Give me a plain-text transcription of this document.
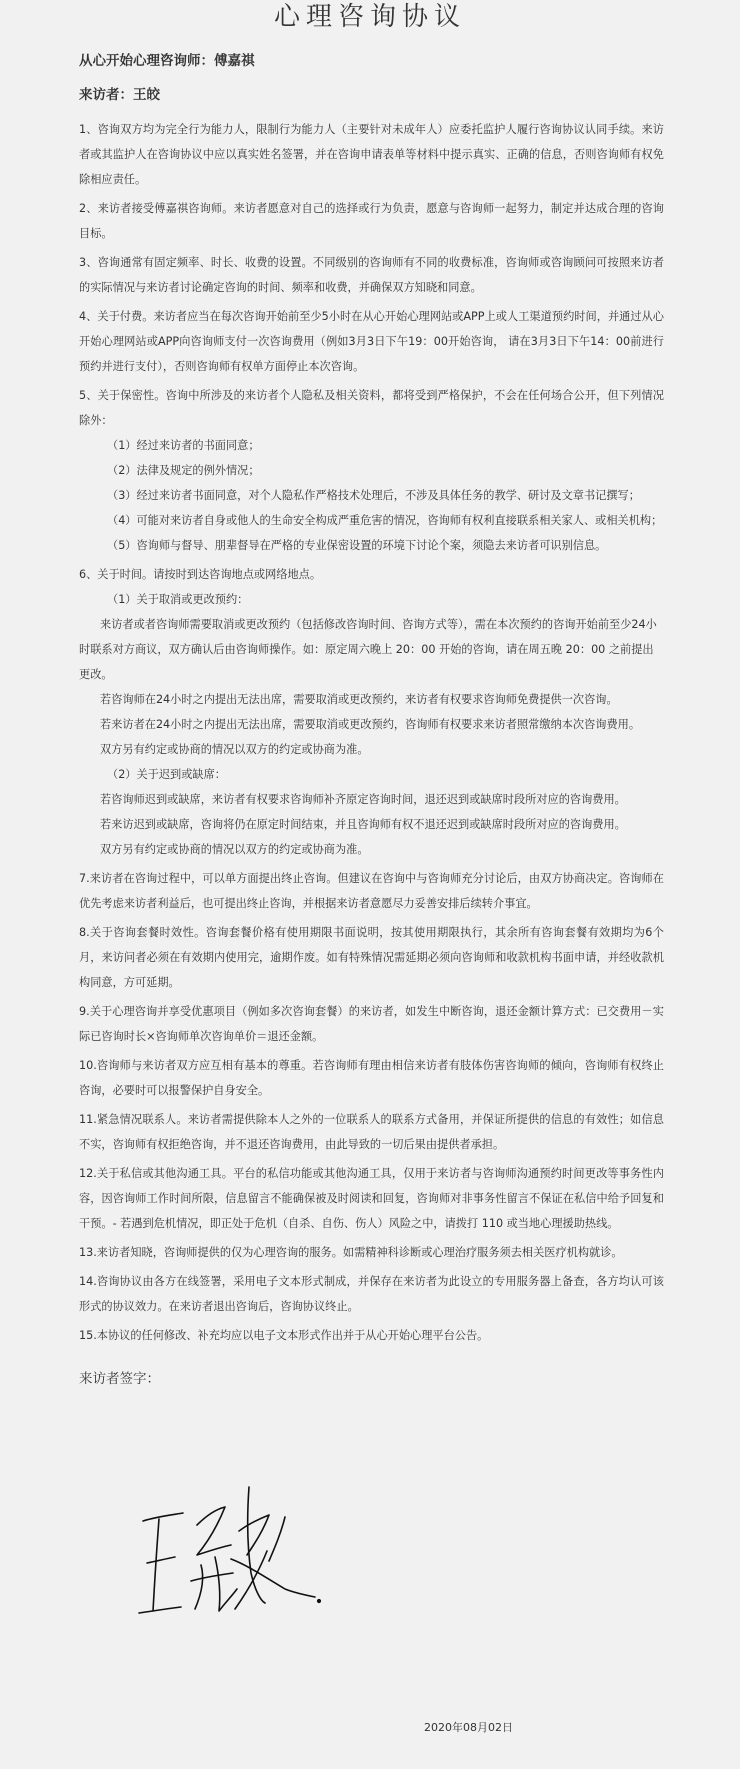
心理咨询协议
从心开始心理咨询师：傅嘉祺
来访者：王皎
1、咨询双方均为完全行为能力人，限制行为能力人（主要针对未成年人）应委托监护人履行咨询协议认同手续。来访者或其监护人在咨询协议中应以真实姓名签署，并在咨询申请表单等材料中提示真实、正确的信息，否则咨询师有权免除相应责任。
2、来访者接受傅嘉祺咨询师。来访者愿意对自己的选择或行为负责，愿意与咨询师一起努力，制定并达成合理的咨询目标。
3、咨询通常有固定频率、时长、收费的设置。不同级别的咨询师有不同的收费标准，咨询师或咨询顾问可按照来访者的实际情况与来访者讨论确定咨询的时间、频率和收费，并确保双方知晓和同意。
4、关于付费。来访者应当在每次咨询开始前至少5小时在从心开始心理网站或APP上或人工渠道预约时间，并通过从心开始心理网站或APP向咨询师支付一次咨询费用（例如3月3日下午19：00开始咨询， 请在3月3日下午14：00前进行预约并进行支付），否则咨询师有权单方面停止本次咨询。
5、关于保密性。咨询中所涉及的来访者个人隐私及相关资料，都将受到严格保护，不会在任何场合公开，但下列情况除外：
（1）经过来访者的书面同意；
（2）法律及规定的例外情况；
（3）经过来访者书面同意，对个人隐私作严格技术处理后，不涉及具体任务的教学、研讨及文章书记撰写；
（4）可能对来访者自身或他人的生命安全构成严重危害的情况，咨询师有权利直接联系相关家人、或相关机构；
（5）咨询师与督导、朋辈督导在严格的专业保密设置的环境下讨论个案，须隐去来访者可识别信息。
6、关于时间。请按时到达咨询地点或网络地点。
（1）关于取消或更改预约：
来访者或者咨询师需要取消或更改预约（包括修改咨询时间、咨询方式等），需在本次预约的咨询开始前至少24小时联系对方商议，双方确认后由咨询师操作。如：原定周六晚上 20：00 开始的咨询，请在周五晚 20：00 之前提出更改。
若咨询师在24小时之内提出无法出席，需要取消或更改预约，来访者有权要求咨询师免费提供一次咨询。
若来访者在24小时之内提出无法出席，需要取消或更改预约，咨询师有权要求来访者照常缴纳本次咨询费用。
双方另有约定或协商的情况以双方的约定或协商为准。
（2）关于迟到或缺席：
若咨询师迟到或缺席，来访者有权要求咨询师补齐原定咨询时间，退还迟到或缺席时段所对应的咨询费用。
若来访迟到或缺席，咨询将仍在原定时间结束，并且咨询师有权不退还迟到或缺席时段所对应的咨询费用。
双方另有约定或协商的情况以双方的约定或协商为准。
7.来访者在咨询过程中，可以单方面提出终止咨询。但建议在咨询中与咨询师充分讨论后，由双方协商决定。咨询师在优先考虑来访者利益后，也可提出终止咨询，并根据来访者意愿尽力妥善安排后续转介事宜。
8.关于咨询套餐时效性。咨询套餐价格有使用期限书面说明，按其使用期限执行，其余所有咨询套餐有效期均为6个月，来访问者必须在有效期内使用完，逾期作废。如有特殊情况需延期必须向咨询师和收款机构书面申请，并经收款机构同意，方可延期。
9.关于心理咨询并享受优惠项目（例如多次咨询套餐）的来访者，如发生中断咨询，退还金额计算方式：已交费用－实际已咨询时长×咨询师单次咨询单价＝退还金额。
10.咨询师与来访者双方应互相有基本的尊重。若咨询师有理由相信来访者有肢体伤害咨询师的倾向，咨询师有权终止咨询，必要时可以报警保护自身安全。
11.紧急情况联系人。来访者需提供除本人之外的一位联系人的联系方式备用，并保证所提供的信息的有效性；如信息不实，咨询师有权拒绝咨询，并不退还咨询费用，由此导致的一切后果由提供者承担。
12.关于私信或其他沟通工具。平台的私信功能或其他沟通工具，仅用于来访者与咨询师沟通预约时间更改等事务性内容，因咨询师工作时间所限，信息留言不能确保被及时阅读和回复，咨询师对非事务性留言不保证在私信中给予回复和干预。- 若遇到危机情况，即正处于危机（自杀、自伤、伤人）风险之中，请拨打 110 或当地心理援助热线。
13.来访者知晓，咨询师提供的仅为心理咨询的服务。如需精神科诊断或心理治疗服务须去相关医疗机构就诊。
14.咨询协议由各方在线签署，采用电子文本形式制成，并保存在来访者为此设立的专用服务器上备查，各方均认可该形式的协议效力。在来访者退出咨询后，咨询协议终止。
15.本协议的任何修改、补充均应以电子文本形式作出并于从心开始心理平台公告。
来访者签字：
2020年08月02日
